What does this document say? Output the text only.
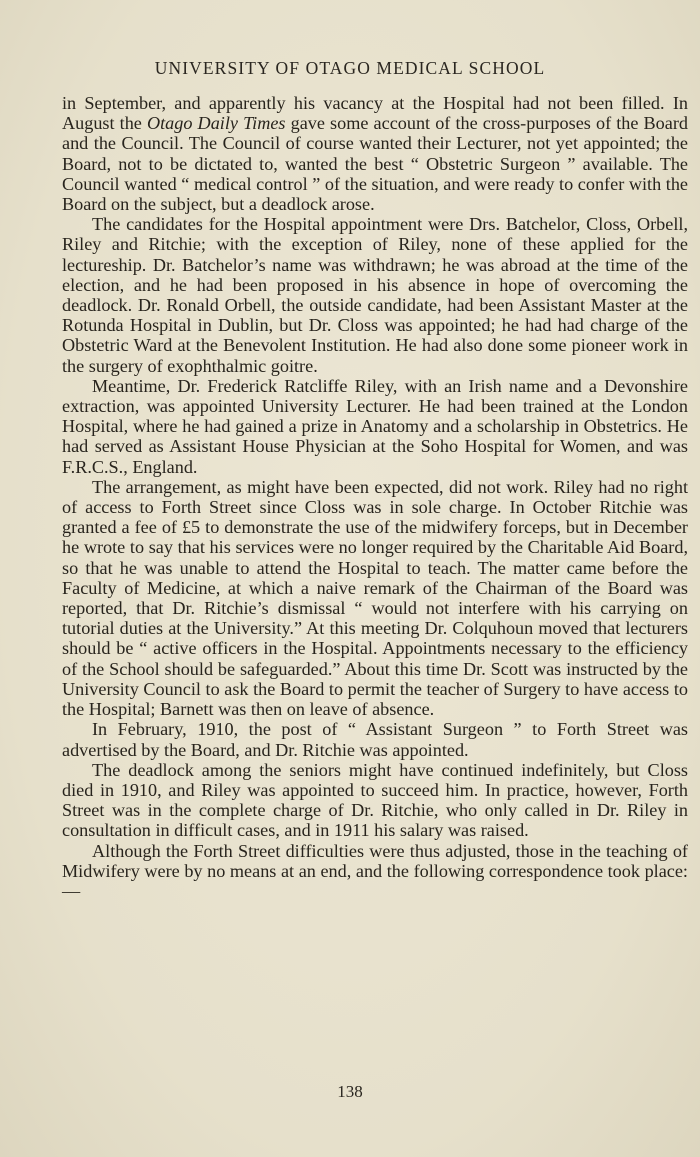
UNIVERSITY OF OTAGO MEDICAL SCHOOL

in September, and apparently his vacancy at the Hospital had not been filled. In August the Otago Daily Times gave some account of the cross-purposes of the Board and the Council. The Council of course wanted their Lecturer, not yet appointed; the Board, not to be dictated to, wanted the best “ Obstetric Surgeon ” available. The Council wanted “ medical control ” of the situation, and were ready to confer with the Board on the subject, but a deadlock arose.

The candidates for the Hospital appointment were Drs. Batchelor, Closs, Orbell, Riley and Ritchie; with the exception of Riley, none of these applied for the lectureship. Dr. Batchelor’s name was withdrawn; he was abroad at the time of the election, and he had been proposed in his absence in hope of overcoming the deadlock. Dr. Ronald Orbell, the outside candidate, had been Assistant Master at the Rotunda Hospital in Dublin, but Dr. Closs was appointed; he had had charge of the Obstetric Ward at the Benevolent Institution. He had also done some pioneer work in the surgery of exophthalmic goitre.

Meantime, Dr. Frederick Ratcliffe Riley, with an Irish name and a Devonshire extraction, was appointed University Lecturer. He had been trained at the London Hospital, where he had gained a prize in Anatomy and a scholarship in Obstetrics. He had served as Assistant House Physician at the Soho Hospital for Women, and was F.R.C.S., England.

The arrangement, as might have been expected, did not work. Riley had no right of access to Forth Street since Closs was in sole charge. In October Ritchie was granted a fee of £5 to demonstrate the use of the midwifery forceps, but in December he wrote to say that his services were no longer required by the Charitable Aid Board, so that he was unable to attend the Hospital to teach. The matter came before the Faculty of Medicine, at which a naive remark of the Chairman of the Board was reported, that Dr. Ritchie’s dismissal “ would not interfere with his carrying on tutorial duties at the University.” At this meeting Dr. Colquhoun moved that lecturers should be “ active officers in the Hospital. Appointments necessary to the efficiency of the School should be safeguarded.” About this time Dr. Scott was instructed by the University Council to ask the Board to permit the teacher of Surgery to have access to the Hospital; Barnett was then on leave of absence.

In February, 1910, the post of “ Assistant Surgeon ” to Forth Street was advertised by the Board, and Dr. Ritchie was appointed.

The deadlock among the seniors might have continued indefinitely, but Closs died in 1910, and Riley was appointed to succeed him. In practice, however, Forth Street was in the complete charge of Dr. Ritchie, who only called in Dr. Riley in consultation in difficult cases, and in 1911 his salary was raised.

Although the Forth Street difficulties were thus adjusted, those in the teaching of Midwifery were by no means at an end, and the following correspondence took place:—

138
